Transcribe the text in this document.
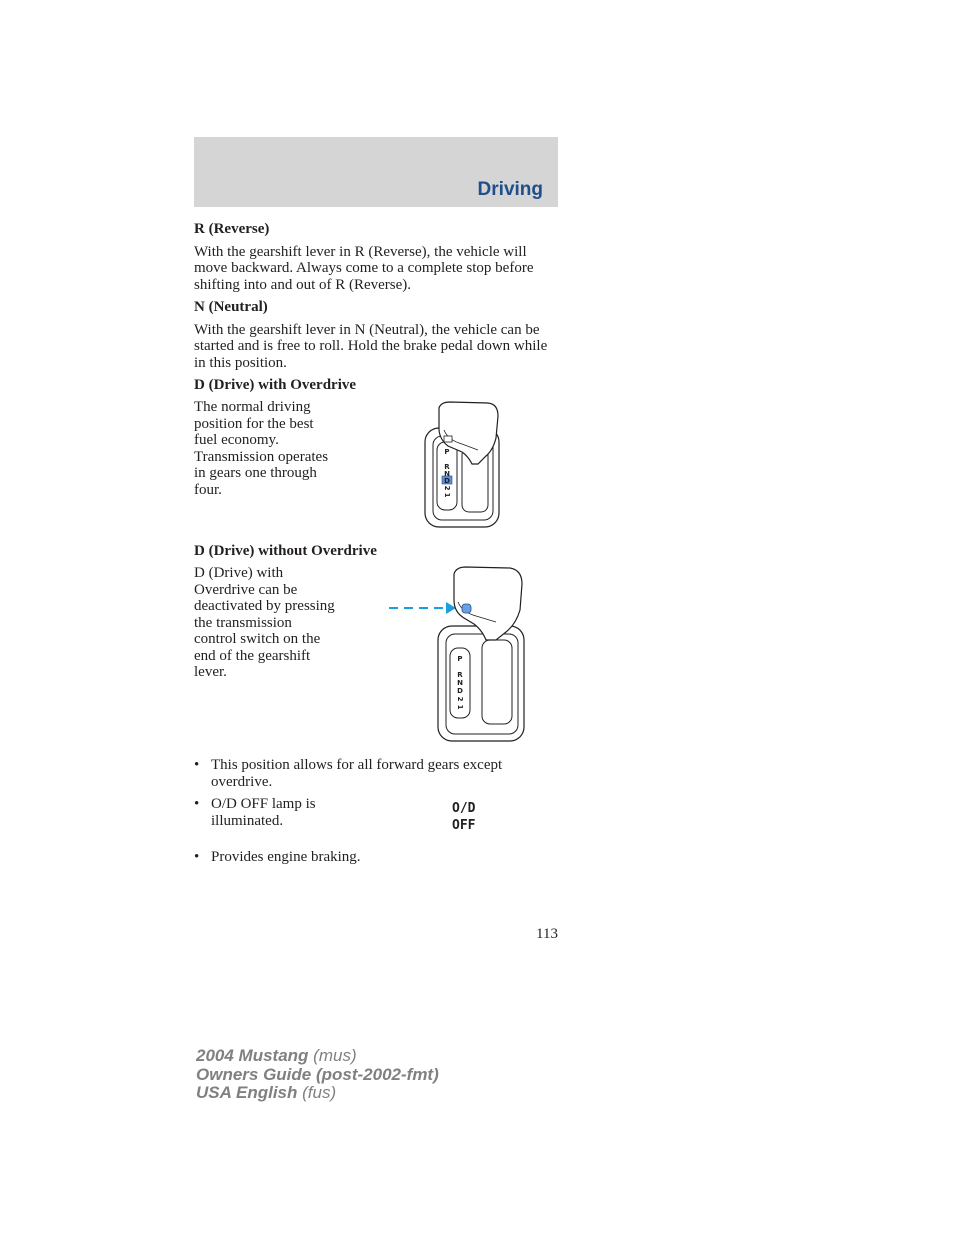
Driving
R (Reverse)
With the gearshift lever in R (Reverse), the vehicle will move backward. Always come to a complete stop before shifting into and out of R (Reverse).
N (Neutral)
With the gearshift lever in N (Neutral), the vehicle can be started and is free to roll. Hold the brake pedal down while in this position.
D (Drive) with Overdrive
The normal driving
position for the best
fuel economy.
Transmission operates
in gears one through
four.
P
R
N
D
2
1
D (Drive) without Overdrive
D (Drive) with
Overdrive can be
deactivated by pressing
the transmission
control switch on the
end of the gearshift
lever.
P
R
N
D
2
1
• This position allows for all forward gears except
overdrive.
• O/D OFF lamp is
illuminated.
O/D
OFF
• Provides engine braking.
113
2004 Mustang (mus)
Owners Guide (post-2002-fmt)
USA English (fus)
